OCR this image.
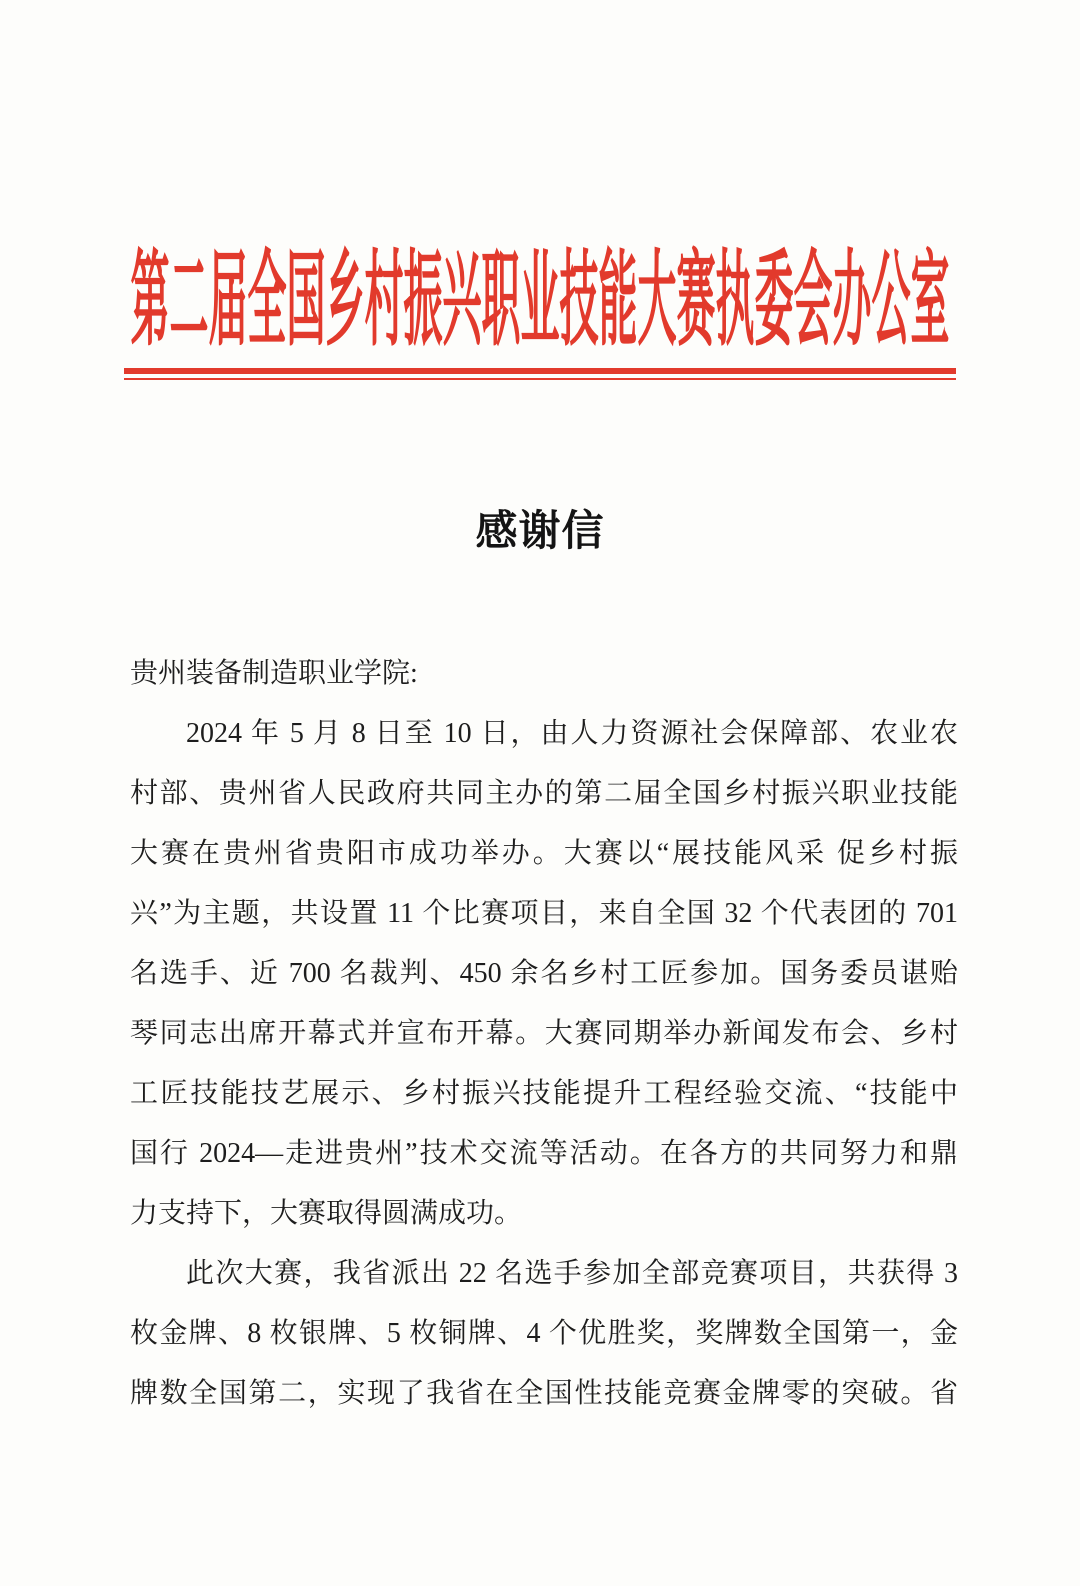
第二届全国乡村振兴职业技能大赛执委会办公室
感谢信
贵州装备制造职业学院:
2024 年 5 月 8 日至 10 日，由人力资源社会保障部、农业农
村部、贵州省人民政府共同主办的第二届全国乡村振兴职业技能
大赛在贵州省贵阳市成功举办。大赛以“展技能风采 促乡村振
兴”为主题，共设置 11 个比赛项目，来自全国 32 个代表团的 701
名选手、近 700 名裁判、450 余名乡村工匠参加。国务委员谌贻
琴同志出席开幕式并宣布开幕。大赛同期举办新闻发布会、乡村
工匠技能技艺展示、乡村振兴技能提升工程经验交流、“技能中
国行 2024—走进贵州”技术交流等活动。在各方的共同努力和鼎
力支持下，大赛取得圆满成功。
此次大赛，我省派出 22 名选手参加全部竞赛项目，共获得 3
枚金牌、8 枚银牌、5 枚铜牌、4 个优胜奖，奖牌数全国第一，金
牌数全国第二，实现了我省在全国性技能竞赛金牌零的突破。省
